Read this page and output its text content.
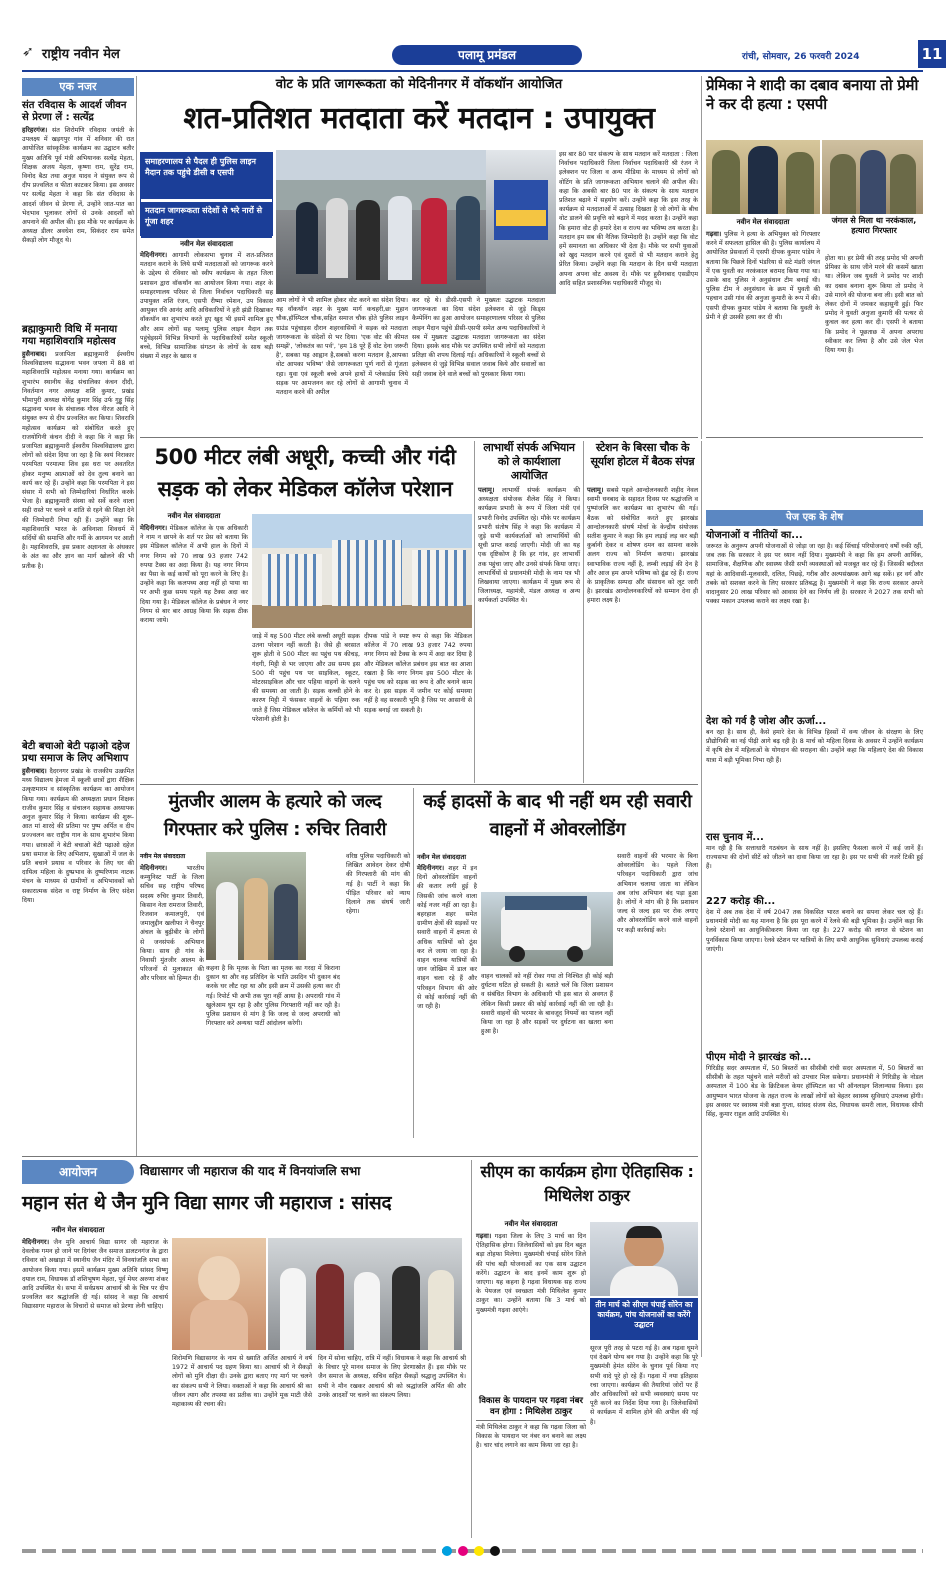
➶ राष्ट्रीय नवीन मेल	पलामू प्रमंडल	रांची, सोमवार, 26 फरवरी 2024	11
एक नजर
संत रविदास के आदर्श जीवन से प्रेरणा लें : सत्येंद्र
हरिहरगंज। संत शिरोमणि रविदास जयंती के उपलक्ष्य में खड़गपुर गांव में शनिवार की रात आयोजित सांस्कृतिक कार्यक्रम का उद्घाटन बतौर मुख्य अतिथि पूर्व मंत्री अभियानक सत्येंद्र मेहता, शिक्षक अजय मेहता, कृष्णा राम, सुरेंद्र राम, विनोद बैठा तथा अनुज यादव ने संयुक्त रूप से दीप प्रज्वलित व फीता काटकर किया। इस अवसर पर सत्येंद्र मेहता ने कहा कि संत रविदास के आदर्श जीवन से प्रेरणा लें, उन्होंने जात-पात का भेदभाव भुलाकर लोगों से उनके आदर्शों को अपनाने की अपील की। इस मौके पर कार्यक्रम के अध्यक्ष डीलर अवधेश राम, सिकंदर राम समेत सैकड़ों लोग मौजूद थे।
ब्रह्माकुमारी विधि में मनाया गया महाशिवरात्रि महोत्सव
हुसैनाबाद। प्रजापिता ब्रह्माकुमारी ईश्वरीय विश्वविद्यालय सद्भावना भवन जपला में 88 वां महाशिवरात्रि महोत्सव मनाया गया। कार्यक्रम का शुभारंभ स्थानीय केंद्र संचालिका कंचन दीदी, निवर्तमान नगर अध्यक्ष शशि कुमार, प्रखंड भीमापुरी अध्यक्ष योगेंद्र कुमार सिंह उर्फ गुड्डू सिंह सद्भावना भवन के संचालक गौरव नीरज आदि ने संयुक्त रूप से दीप प्रज्वलित कर किया। शिवरात्रि महोत्सव कार्यक्रम को संबोधित करते हुए राजयोगिनी कंचन दीदी ने कहा कि ने कहा कि प्रजापिता ब्रह्माकुमारी ईश्वरीय विश्वविद्यालय द्वारा लोगों को संदेश दिया जा रहा है कि स्वयं निराकार परमपिता परमात्मा शिव इस धरा पर अवतरित होकर मनुष्य आत्माओं को देव तुल्य बनाने का कार्य कर रहे हैं। उन्होंने कहा कि परमपिता ने इस संसार में सभी को जिम्मेदारियां निर्धारित करके भेजा है। ब्रह्माकुमारी संस्था को सर्वे करने वाला सही रास्ते पर चलने व शांति से रहने की शिक्षा देने की जिम्मेदारी निभा रही हैं। उन्होंने कहा कि महाशिवरात्रि भारत के अविनाशा शिवधर्म में सर्दियों की समाप्ति और गर्मी के आगमन पर आती है। महाशिवरात्रि, इस प्रकार अज्ञानता के अंधकार के अंत का और ज्ञान का मार्ग खोलने की भी प्रतीक है।
बेटी बचाओ बेटी पढ़ाओ दहेज प्रथा समाज के लिए अभिशाप
हुसैनाबाद। दैदरनगर प्रखंड के राजकीय उत्क्रमित मध्य विद्यालय हेमजा में स्कूली छात्रों द्वारा शैक्षिक उत्कृष्टमारम व सांस्कृतिक कार्यक्रम का आयोजन किया गया। कार्यक्रम की अध्यक्षता प्रधान शिक्षक राजीव कुमार सिंह व संचालन सहायक अध्यापक अनुज कुमार सिंह ने किया। कार्यक्रम की शुरू-आत मां शारदे की प्रतिमा पर पुष्प अर्पित व दीप प्रज्ज्वलन कर राष्ट्रीय गान के साथ शुभारंभ किया गया। छात्राओं ने बेटी बचाओ बेटी पढ़ाओ दहेज प्रथा समाज के लिए अभिशाप, सुखाओं में जल के प्रति बचाने प्रयास व परिवार के लिए घर की दायित्व महिला के दुष्प्रभाव के दुष्परिणाम नाटक मंचन के माध्यम से ग्रामीणों व अभिभावकों को सकारात्मक संदेश व राष्ट्र निर्माण के लिए संदेश दिया।
वोट के प्रति जागरूकता को मेदिनीनगर में वॉकथॉन आयोजित
शत-प्रतिशत मतदाता करें मतदान : उपायुक्त
समाहरणालय से पैदल ही पुलिस लाइन मैदान तक पहुंचे डीसी व एसपी
मतदान जागरूकता संदेशों से भरे नारों से गूंजा शहर
नवीन मेल संवाददाता
मेदिनीनगर। आगामी लोकसभा चुनाव में शत-प्रतिशत मतदान कराने के लिये सभी मतदाताओं को जागरूक करने के उद्देश्य से रविवार को स्वीप कार्यक्रम के तहत जिला प्रशासन द्वारा वॉकथॉन का आयोजन किया गया। शहर के समाहरणालय परिसर से जिला निर्वाचन पदाधिकारी सह उपायुक्त शशि रंजन, एसपी रीष्मा रमेशन, उप विकास आयुक्त रवि आनंद आदि अधिकारियों ने हरी झंडी दिखाकर वॉकथॉन का शुभारंभ करते हुए खुद भी इसमें शामिल हुए और आम लोगों सह पलामू पुलिस लाइन मैदान तक पहुंचेइसमें विभिन्न विभागों के पदाधिकारियों समेत स्कूली बच्चे, विभिन्न सामाजिक संगठन के लोगों के साथ बड़ी संख्या में शहर के खास व
आम लोगों ने भी शामिल होकर वोट करने का संदेश दिया। यह वॉकथॉन शहर के मुख्य मार्ग कचहरी,छः मुहान चौक,हॉस्पिटल चौक,सहित समाज चौक होते पुलिस लाइन ग्राउंड पहुंचाइस दौरान शहरवासियों ने सड़क को मतदाता जागरूकता के संदेशों से भर दिया। 'एक वोट की कीमत समझें', 'लोकतंत्र का पर्व', 'हम 18 पूरे हैं वोट देना जरूरी है', सबका यह आह्वान है,सबको करना मतदान है,आपका वोट आपका भविष्य' जैसे जागरूकता पूर्ण नारों से गूंजता रहा। युवा एवं स्कूली बच्चे अपने हाथों में प्लेकार्डस लिये सड़क पर आमजनन कर रहे लोगों से आगामी चुनाव में मतदान करने की अपील
कर रहे थे। डीसी-एसपी ने मुख्यतः उद्घाटक मतदाता जागरूकता का दिया संदेश इलेक्शन से जुड़े किड्स कैम्पेनिंग का हुआ आयोजन समाहरणालय परिसर से पुलिस लाइन मैदान पहुंचे डीसी-एसपी समेत अन्य पदाधिकारियों ने सब में मुख्यतः उद्घाटक मतदाता जागरूकता का संदेश दिया। इसके बाद मौके पर उपस्थित सभी लोगों को मतदाता प्रतिज्ञा की शपथ दिलाई गई। अधिकारियों ने स्कूली बच्चों से इलेक्शन से जुड़े विभिन्न सवाल जवाब किये और सवालों का सही जवाब देने वाले बच्चों को पुरस्कार किया गया।
इस बार 80 पार संकल्प के साथ मतदान करें मतदाता : जिला निर्वाचन पदाधिकारी जिला निर्वाचन पदाधिकारी श्री रंजन ने इलेक्शन पर जिला व अन्य मीडिया के माध्यम से लोगों को वोटिंग के प्रति जागरूकता अभियान चलाने की अपील की। कहा कि अबकी बार 80 पार के संकल्प के साथ मतदान प्रतिशत बढ़ाने में सहयोग करें। उन्होंने कहा कि इस तरह के कार्यक्रम से मतदाताओं में उत्साह दिखता है जो लोगों के बीच वोट डालने की प्रवृत्ति को बढ़ाने में मदद करता है। उन्होंने कहा कि हमारा वोट ही हमारे देश व राज्य का भविष्य तय करता है। मतदान हम सब की नैतिक जिम्मेदारी है। उन्होंने कहा कि वोट हमें समानता का अधिकार भी देता है। मौके पर सभी युवाओं को खुद मतदान करने एवं दूसरों से भी मतदान कराने हेतु प्रेरित किया। उन्होंने कहा कि मतदान के दिन सभी मतदाता अपना अपना वोट अवश्य दें। मौके पर हुसैनाबाद एसडीएम आदि सहित प्रशासनिक पदाधिकारी मौजूद थे।
प्रेमिका ने शादी का दबाव बनाया तो प्रेमी ने कर दी हत्या : एसपी
जंगल से मिला था नरकंकाल, हत्यारा गिरफ्तार
नवीन मेल संवाददाता
गढ़वा। पुलिस ने हत्या के अभियुक्त को गिरफ्तार करने में सफलता हासिल की है। पुलिस कार्यालय में आयोजित प्रेसवार्ता में एसपी दीपक कुमार पांडेय ने बताया कि पिछले दिनों भंडरिया से सटे मंडरी जंगल में एक युवती का नरकंकाल बरामद किया गया था। उसके बाद पुलिस ने अनुसंधान टीम बनाई थी। पुलिस टीम ने अनुसंधान के क्रम में युवती की पहचान उसी गांव की अनुजा कुमारी के रूप में की। एसपी दीपक कुमार पांडेय ने बताया कि युवती के प्रेमी ने ही उसकी हत्या कर दी थी।
होता था। हर प्रेमी की तरह प्रमोद भी अपनी प्रेमिका के साथ जीने मरने की कसमें खाता था। लेकिन जब युवती ने प्रमोद पर शादी का दबाव बनाना शुरू किया तो प्रमोद ने उसे मारने की योजना बना ली। इसी बात को लेकर दोनों में जमकर कहासुनी हुई। फिर प्रमोद ने युवती अनुजा कुमारी की पत्थर से कुचल कर हत्या कर दी। एसपी ने बताया कि प्रमोद ने पूछताछ में अपना अपराध स्वीकार कर लिया है और उसे जेल भेज दिया गया है।
500 मीटर लंबी अधूरी, कच्ची और गंदी सड़क को लेकर मेडिकल कॉलेज परेशान
नवीन मेल संवाददाता
मेदिनीनगर। मेडिकल कॉलेज के एक अधिकारी ने नाम न छापने के शर्त पर प्रेस को बताया कि इस मेडिकल कॉलेज में अभी हाल के दिनों में नगर निगम को 70 लाख 93 हजार 742 रुपया टैक्स का अदा किया है। यह नगर निगम का पैसा के कई कार्यों को पूरा करने के लिए है। उन्होंने कहा कि कलपथ्य अदा नहीं हो पाया था पर अभी कुछ समय पहले यह टैक्स अदा कर दिया गया है। मेडिकल कॉलेज के प्रबंधन ने नगर निगम से बार बार आग्रह किया कि सड़क ठीक कराया जाये।
जाड़े में यह 500 मीटर लंबे कच्ची अधूरी सड़क उतना परेशान नहीं करती है। जैसे ही बरसात शुरू होती वे 500 मीटर का पहुंच पथ कीचड़, गंदगी, मिट्टी से भर जाएगा और उस समय इस 500 मी पहुंच पथ पर साइकिल, स्कूटर, मोटरसाइकिल और चार पहिया वाहनों के चलने की समस्या आ जाती है। सड़क कच्ची होने के कारण मिट्टी में फंसकर वाहनों के पहिया रुक जाते हैं जिस मेडिकल कॉलेज के कर्मियों को भी परेशानी होती है।
दीपक पांडे ने स्पष्ट रूप से कहा कि मेडिकल कॉलेज में 70 लाख 93 हजार 742 रुपया नगर निगम को टैक्स के रूप में अदा कर दिया है और मेडिकल कॉलेज प्रबंधन इस बात का आशा रखता है कि नगर निगम इस 500 मीटर के पहुंच पथ को सड़क का रूप दे और बनाने काम कर दे। इस सड़क में जमीन पर कोई समस्या नहीं है वह सरकारी भूमि है जिस पर आसानी से सड़क बनाई जा सकती है।
लाभार्थी संपर्क अभियान को ले कार्यशाला आयोजित
पलामू। लाभार्थी संपर्क कार्यक्रम की अध्यक्षता संयोजक शैलेश सिंह ने किया। कार्यक्रम प्रभारी के रूप में जिला मंत्री एवं प्रभारी विनोद उपस्थित रहे। मौके पर कार्यक्रम प्रभारी संतोष सिंह ने कहा कि कार्यक्रम में जुड़े सभी कार्यकर्ताओं को लाभार्थियों की सूची प्राप्त कराई जाएगी। मोदी जी का यह एक दृष्टिकोण है कि हर गांव, हर लाभार्थी तक पहुंचा जाए और उनसे संपर्क किया जाए। लाभार्थियों से प्रधानमंत्री मोदी के नाम पत्र भी लिखवाया जाएगा। कार्यक्रम में मुख्य रूप से जिलाध्यक्ष, महामंत्री, मंडल अध्यक्ष व अन्य कार्यकर्ता उपस्थित थे।
स्टेशन के बिरसा चौक के सूर्याश होटल में बैठक संपन्न
पलामू। सबसे पहले आन्दोलनकारी शहीद नेवल स्वामी धनबाद के सहादत दिवस पर श्रद्धांजलि व पुष्पांजलि कर कार्यक्रम का शुभारंभ की गई। बैठक को संबोधित करते हुए झारखंड आन्दोलनकारी संघर्ष मोर्चा के केन्द्रीय संयोजक सतीश कुमार ने कहा कि हम लड़ाई लड़ कर बड़ी कुर्बानी देकर व शोषण दमन का सामना करके अलग राज्य को निर्माण कराया। झारखंड स्वाभाविक राज्य नहीं है, लम्बी लड़ाई की देन है और आज हम अपने भविष्य को ढूंढ रहे हैं। राज्य के प्राकृतिक सम्पदा और संसाधन को लूट जारी है। झारखंड आन्दोलनकारियों को सम्मान देना ही हमारा लक्ष्य है।
मुंतजीर आलम के हत्यारे को जल्द गिरफ्तार करे पुलिस : रुचिर तिवारी
नवीन मेल संवाददाता
मेदिनीनगर।	भारतीय कम्युनिस्ट पार्टी के जिला सचिव सह राष्ट्रीय परिषद सदस्य रुचिर कुमार तिवारी, किसान नेता रामराज तिवारी, रिजवान कमालपुरी, एवं जमालुद्दीन खलीफा ने चैनपुर अंचल के बुढ़ीबीर के लोगों से जनसंपर्क अभियान किया। साथ ही गांव के निवासी मुंतजीर आलम के परिजनों से मुलाकात की और परिवार को हिम्मत दी।
कहना है कि मृतक के पिता का मृतक का गरदा में किराना दुकान था और वह प्रतिदिन के भांति उसदिन भी दुकान बंद करके घर लौट रहा था और इसी क्रम में उसकी हत्या कर दी गई। रिपोर्ट भी अभी तक पूरा नहीं आया है। अपराधी गांव में खुलेआम घूम रहा है और पुलिस गिरफ्तारी नहीं कर रही है। पुलिस प्रशासन से मांग है कि जल्द से जल्द अपराधी को गिरफ्तार करे अन्यथा पार्टी आंदोलन करेगी।
वरिष्ठ पुलिस पदाधिकारी को लिखित आवेदन देकर दोषी की गिरफ्तारी की मांग की गई है। पार्टी ने कहा कि पीड़ित परिवार को न्याय दिलाने तक संघर्ष जारी रहेगा।
कई हादसों के बाद भी नहीं थम रही सवारी वाहनों में ओवरलोडिंग
नवीन मेल संवाददाता
मेदिनीनगर। शहर में इन दिनों ओवरलोडिंग वाहनों की कतार लगी हुई है जिसकी जांच करने वाला कोई नजर नहीं आ रहा है। बहरहाल शहर समेत ग्रामीण क्षेत्रों की सड़कों पर सवारी वाहनों में क्षमता से अधिक यात्रियों को ठूंस कर ले जाया जा रहा है। वाहन चालक यात्रियों की जान जोखिम में डाल कर वाहन चला रहे हैं और परिवहन विभाग की ओर से कोई कार्रवाई नहीं की जा रही है।
वाहन चालकों को नहीं रोका गया तो निश्चित ही कोई बड़ी दुर्घटना घटित हो सकती है। बताते चलें कि जिला प्रशासन व संबंधित विभाग के अधिकारी भी इस बात से अवगत हैं लेकिन किसी प्रकार की कोई कार्रवाई नहीं की जा रही है। सवारी वाहनों की भरमार के बावजूद नियमों का पालन नहीं किया जा रहा है और सड़कों पर दुर्घटना का खतरा बना हुआ है।
सवारी वाहनों की भरमार के बिना ओवरलोडिंग के। पहले जिला परिवहन पदाधिकारी द्वारा जांच अभियान चलाया जाता था लेकिन अब जांच अभियान बंद पड़ा हुआ है। लोगों ने मांग की है कि प्रशासन जल्द से जल्द इस पर रोक लगाए और ओवरलोडिंग करने वाले वाहनों पर कड़ी कार्रवाई करे।
पेज एक के शेष
योजनाओं व नीतियों का...
जरूरत के अनुरूप अपनी योजनाओं से जोड़ा जा रहा है। कई सिंचाई परियोजनाएं वर्षों रुकी रहीं, जब तक कि सरकार ने इस पर ध्यान नहीं दिया। मुख्यमंत्री ने कहा कि हम अपनी आर्थिक, सामाजिक, शैक्षणिक और स्वास्थ्य जैसी सभी व्यवस्थाओं को मजबूत कर रहे हैं। जिसकी बदौलत यहां के आदिवासी-मूलवासी, दलित, पिछड़े, गरीब और अल्पसंख्यक आगे बढ़ सकें। हर वर्ग और तबके को सशक्त करने के लिए सरकार प्रतिबद्ध है। मुख्यमंत्री ने कहा कि राज्य सरकार अपने वादानुसार 20 लाख परिवार को आवास देने का निर्णय ली है। सरकार ने 2027 तक सभी को पक्का मकान उपलब्ध कराने का लक्ष्य रखा है।
देश को गर्व है जोश और ऊर्जा...
बन रहा है। साथ ही, कैसे हमारे देश के विभिन्न हिस्सों में वन्य जीवन के संरक्षण के लिए प्रौद्योगिकी का नई पीढ़ी आगे बढ़ रही है। 8 मार्च को महिला दिवस के अवसर में उन्होंने कार्यक्रम में कृषि क्षेत्र में महिलाओं के योगदान की सराहना की। उन्होंने कहा कि महिलाएं देश की विकास यात्रा में बड़ी भूमिका निभा रही हैं।
रास चुनाव में...
मान रही है कि सत्ताधारी गठबंधन के साथ नहीं है। इसलिए फैसला करने में कई जानें हैं। राज्यसभा की दोनों सीटें को जीतने का दावा किया जा रहा है। इस पर सभी की नजरें टिकी हुई हैं।
227 करोड़ की...
देश में अब तक देश में वर्ष 2047 तक विकसित भारत बनाने का सपना लेकर चल रहे हैं। प्रधानमंत्री मोदी का यह मानना है कि इस पूरा करने में रेलवे की बड़ी भूमिका है। उन्होंने कहा कि रेलवे स्टेशनों का आधुनिकीकरण किया जा रहा है। 227 करोड़ की लागत से स्टेशन का पुनर्विकास किया जाएगा। रेलवे स्टेशन पर यात्रियों के लिए सभी आधुनिक सुविधाएं उपलब्ध कराई जाएंगी।
पीएम मोदी ने झारखंड को...
गिरिडीह सदर अस्पताल में, 50 बिस्तरों का सीसीबी रांची सदर अस्पताल में, 50 बिस्तरों का सीसीबी के तहत पहुंचने वाले मरीजों को उपचार मिल सकेगा। प्रधानमंत्री ने गिरिडीह के नोडल अस्पताल में 100 बेड के क्रिटिकल केयर हॉस्पिटल का भी ऑनलाइन शिलान्यास किया। इस आयुष्मान भारत योजना के तहत राज्य के लाखों लोगों को बेहतर स्वास्थ्य सुविधाएं उपलब्ध होंगी। इस अवसर पर स्वास्थ्य मंत्री बन्ना गुप्ता, सांसद संजय सेठ, विधायक समरी लाल, विधायक सीपी सिंह, कुमार राहुल आदि उपस्थित थे।
आयोजन	विद्यासागर जी महाराज की याद में विनयांजलि सभा
महान संत थे जैन मुनि विद्या सागर जी महाराज : सांसद
नवीन मेल संवाददाता
मेदिनीनगर। जैन मुनि आचार्य विद्या सागर जी महाराज के देवलोक गमन हो जाने पर दिगंबर जैन समाज डालटनगंज के द्वारा रविवार को अखाड़ा में स्थानीय जैन मंदिर में विनयांजलि सभा का आयोजन किया गया। इसमें कार्यक्रम मुख्य अतिथि सांसद विष्णु दयाल राम, विधायक डॉ शशिभूषण मेहता, पूर्व मेयर अरुणा शंकर आदि उपस्थित थे। सभा में सर्वप्रथम आचार्य श्री के चित्र पर दीप प्रज्वलित कर श्रद्धांजलि दी गई। सांसद ने कहा कि आचार्य विद्यासागर महाराज के विचारों से समाज को प्रेरणा लेनी चाहिए।
शिरोमणि विद्यासागर के नाम से ख्याति अर्जित आचार्य ने वर्ष 1972 में आचार्य पद ग्रहण किया था। आचार्य श्री ने सैकड़ों लोगों को मुनि दीक्षा दी। उनके द्वारा बताए गए मार्ग पर चलने का संकल्प सभी ने लिया। वक्ताओं ने कहा कि आचार्य श्री का जीवन त्याग और तपस्या का प्रतीक था। उन्होंने मूक माटी जैसे महाकाव्य की रचना की।
दिन में सोना चाहिए, रात्रि में नहीं। विधायक ने कहा कि आचार्य श्री के विचार पूरे मानव समाज के लिए प्रेरणास्रोत हैं। इस मौके पर जैन समाज के अध्यक्ष, सचिव सहित सैकड़ों श्रद्धालु उपस्थित थे। सभी ने मौन रखकर आचार्य श्री को श्रद्धांजलि अर्पित की और उनके आदर्शों पर चलने का संकल्प लिया।
सीएम का कार्यक्रम होगा ऐतिहासिक : मिथिलेश ठाकुर
नवीन मेल संवाददाता
गढ़वा। गढ़वा जिला के लिए 3 मार्च का दिन ऐतिहासिक होगा। जिलेवासियों को इस दिन बहुत बड़ा तोहफा मिलेगा। मुख्यमंत्री चंपाई सोरेन जिले की पांच बड़ी योजनाओं का एक साथ उद्घाटन करेंगे। उद्घाटन के बाद इनमें काम शुरू हो जाएगा। यह कहना है गढ़वा विधायक सह राज्य के पेयजल एवं स्वच्छता मंत्री मिथिलेश कुमार ठाकुर का। उन्होंने बताया कि 3 मार्च को मुख्यमंत्री गढ़वा आएंगे।
तीन मार्च को सीएम चंपाई सोरेन का कार्यक्रम, पांच योजनाओं का करेंगे उद्घाटन
सूरज पूरी तरह से पटरा गई है। अब गढ़वा घूमने एवं देखने योग्य बन गया है। उन्होंने कहा कि पूरे मुख्यमंत्री हेमंत सोरेन के चुनाव पूर्व किया गए सभी वादे पूरे हो रहे हैं। गढ़वा में नया इतिहास रचा जाएगा। कार्यक्रम की तैयारियां जोरों पर हैं और अधिकारियों को सभी व्यवस्थाएं समय पर पूरी करने का निर्देश दिया गया है। जिलेवासियों से कार्यक्रम में शामिल होने की अपील की गई है।
विकास के पायदान पर गढ़वा नंबर वन होगा : मिथिलेश ठाकुर
मंत्री मिथिलेश ठाकुर ने कहा कि गढ़वा जिला को विकास के पायदान पर नंबर वन बनाने का लक्ष्य है। चार चांद लगाने का काम किया जा रहा है।
